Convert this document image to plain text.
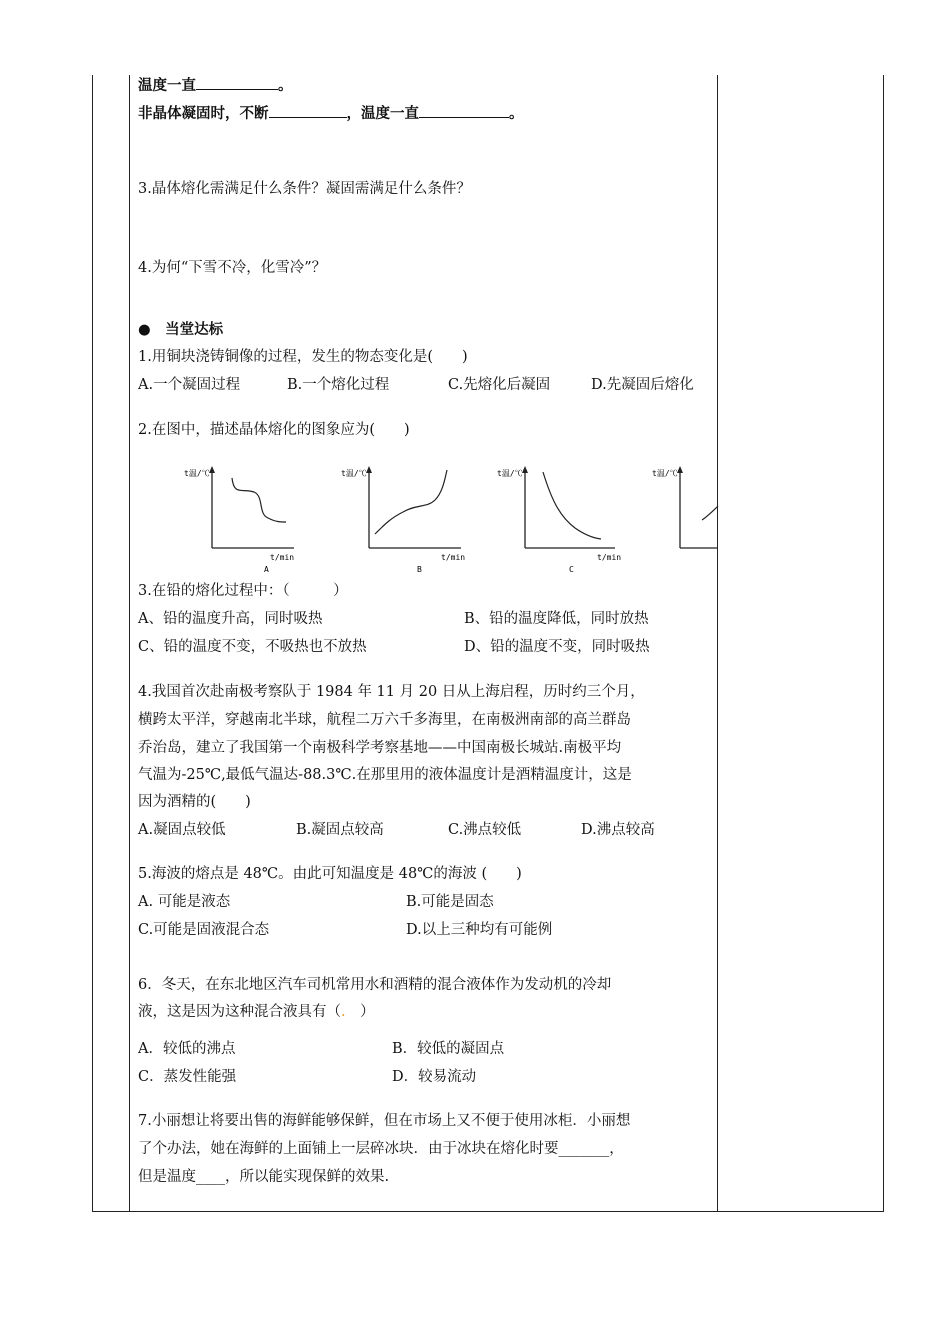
温度一直	。
非晶体凝固时，不断	，温度一直	。
3.晶体熔化需满足什么条件？凝固需满足什么条件？
4.为何“下雪不冷，化雪冷”？
●　 当堂达标
1.用铜块浇铸铜像的过程，发生的物态变化是(　　)
A.一个凝固过程	B.一个熔化过程	C.先熔化后凝固	D.先凝固后熔化
2.在图中，描述晶体熔化的图象应为(　　)
t温/℃
t/min
A
t温/℃
t/min
B
t温/℃
t/min
C
t温/℃
3.在铅的熔化过程中：（　　　）
A、铅的温度升高，同时吸热	B、铅的温度降低，同时放热
C、铅的温度不变，不吸热也不放热	D、铅的温度不变，同时吸热
4.我国首次赴南极考察队于 1984 年 11 月 20 日从上海启程，历时约三个月，
横跨太平洋，穿越南北半球，航程二万六千多海里，在南极洲南部的高兰群岛
乔治岛，建立了我国第一个南极科学考察基地——中国南极长城站.南极平均
气温为-25℃,最低气温达-88.3℃.在那里用的液体温度计是酒精温度计，这是
因为酒精的(　　)
A.凝固点较低	B.凝固点较高	C.沸点较低	D.沸点较高
5.海波的熔点是 48℃。由此可知温度是 48℃的海波 (　　)
A. 可能是液态	B.可能是固态
C.可能是固液混合态	D.以上三种均有可能例
6．冬天，在东北地区汽车司机常用水和酒精的混合液体作为发动机的冷却
液，这是因为这种混合液具有（.　）
A．较低的沸点	B．较低的凝固点
C．蒸发性能强	D．较易流动
7.小丽想让将要出售的海鲜能够保鲜，但在市场上又不便于使用冰柜．小丽想
了个办法，她在海鲜的上面铺上一层碎冰块．由于冰块在熔化时要_______，
但是温度____，所以能实现保鲜的效果.
